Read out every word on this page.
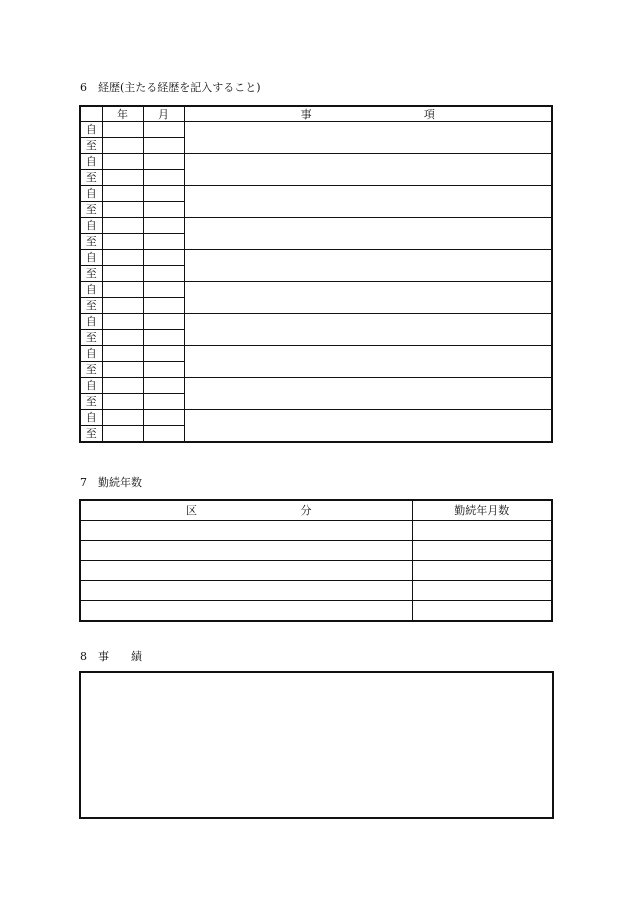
6　経歴(主たる経歴を記入すること)
	年	月	事 項

自			
至			
自			
至			
自			
至			
自			
至			
自			
至			
自			
至			
自			
至			
自			
至			
自			
至			
自			
至			
7　勤続年数
区 分	勤続年月数

8　事　　績
